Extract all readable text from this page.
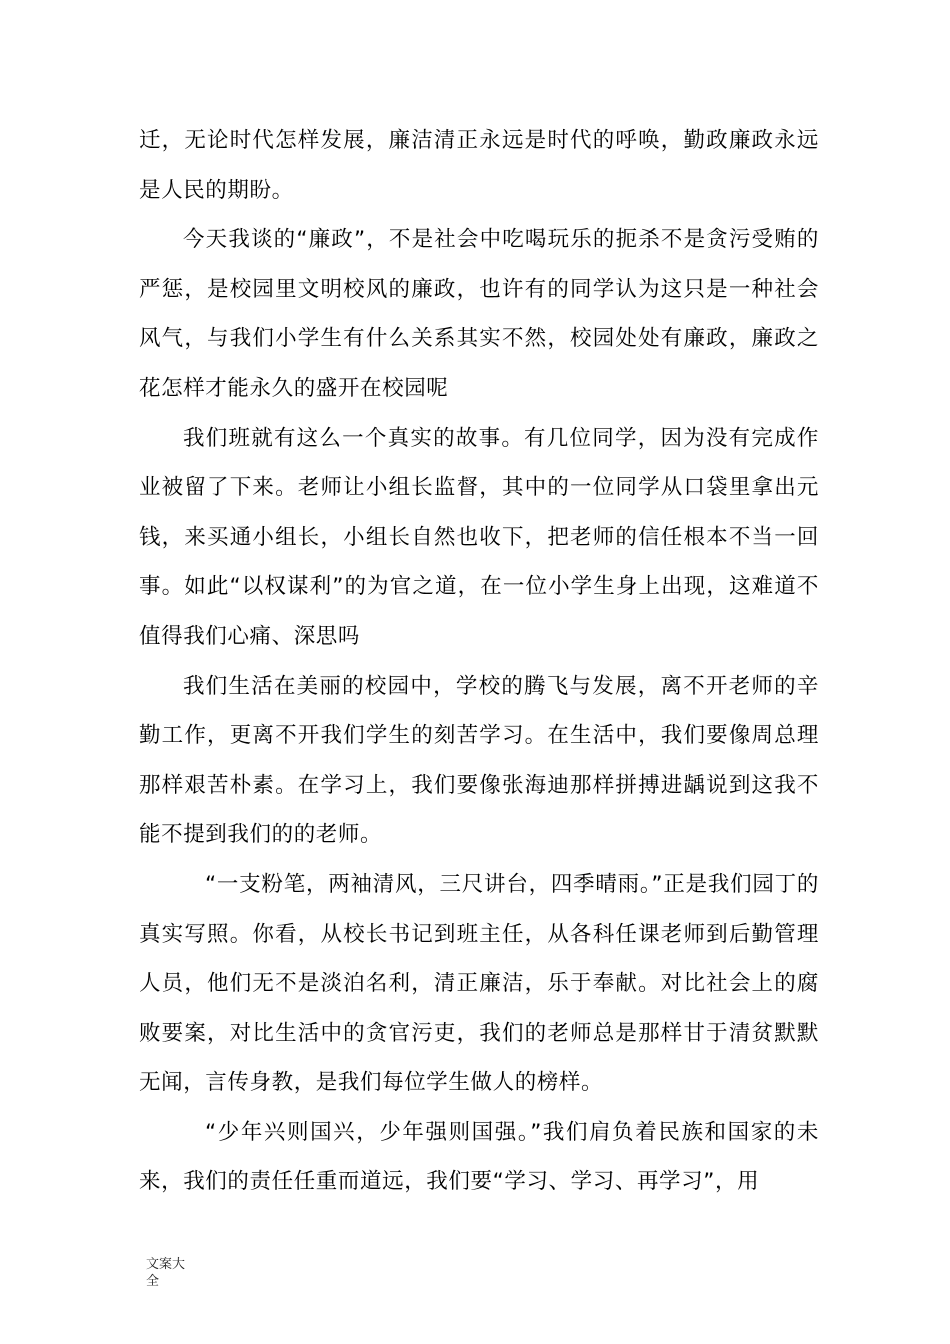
迁，无论时代怎样发展，廉洁清正永远是时代的呼唤，勤政廉政永远是人民的期盼。

今天我谈的“廉政”，不是社会中吃喝玩乐的扼杀不是贪污受贿的严惩，是校园里文明校风的廉政，也许有的同学认为这只是一种社会风气，与我们小学生有什么关系其实不然，校园处处有廉政，廉政之花怎样才能永久的盛开在校园呢

我们班就有这么一个真实的故事。有几位同学，因为没有完成作业被留了下来。老师让小组长监督，其中的一位同学从口袋里拿出元钱，来买通小组长，小组长自然也收下，把老师的信任根本不当一回事。如此“以权谋利”的为官之道，在一位小学生身上出现，这难道不值得我们心痛、深思吗

我们生活在美丽的校园中，学校的腾飞与发展，离不开老师的辛勤工作，更离不开我们学生的刻苦学习。在生活中，我们要像周总理那样艰苦朴素。在学习上，我们要像张海迪那样拼搏进龋说到这我不能不提到我们的的老师。

“一支粉笔，两袖清风，三尺讲台，四季晴雨。”正是我们园丁的真实写照。你看，从校长书记到班主任，从各科任课老师到后勤管理人员，他们无不是淡泊名利，清正廉洁，乐于奉献。对比社会上的腐败要案，对比生活中的贪官污吏，我们的老师总是那样甘于清贫默默无闻，言传身教，是我们每位学生做人的榜样。

“少年兴则国兴，少年强则国强。”我们肩负着民族和国家的未来，我们的责任任重而道远，我们要“学习、学习、再学习”，用

文案大全
